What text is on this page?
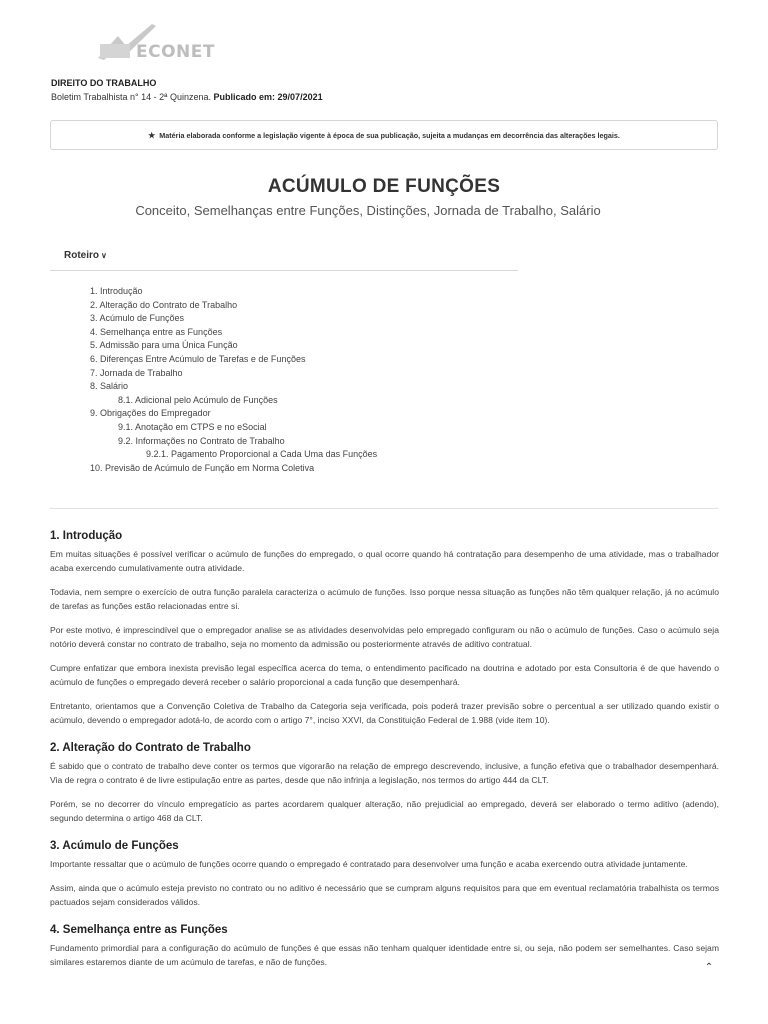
ECONET
DIREITO DO TRABALHO
Boletim Trabalhista n° 14 - 2ª Quinzena. Publicado em: 29/07/2021
★ Matéria elaborada conforme a legislação vigente à época de sua publicação, sujeita a mudanças em decorrência das alterações legais.
ACÚMULO DE FUNÇÕES
Conceito, Semelhanças entre Funções, Distinções, Jornada de Trabalho, Salário
Roteiro ∨
1. Introdução
2. Alteração do Contrato de Trabalho
3. Acúmulo de Funções
4. Semelhança entre as Funções
5. Admissão para uma Única Função
6. Diferenças Entre Acúmulo de Tarefas e de Funções
7. Jornada de Trabalho
8. Salário
8.1. Adicional pelo Acúmulo de Funções
9. Obrigações do Empregador
9.1. Anotação em CTPS e no eSocial
9.2. Informações no Contrato de Trabalho
9.2.1. Pagamento Proporcional a Cada Uma das Funções
10. Previsão de Acúmulo de Função em Norma Coletiva
1. Introdução

Em muitas situações é possível verificar o acúmulo de funções do empregado, o qual ocorre quando há contratação para desempenho de uma atividade, mas o trabalhador acaba exercendo cumulativamente outra atividade.

Todavia, nem sempre o exercício de outra função paralela caracteriza o acúmulo de funções. Isso porque nessa situação as funções não têm qualquer relação, já no acúmulo de tarefas as funções estão relacionadas entre si.

Por este motivo, é imprescindível que o empregador analise se as atividades desenvolvidas pelo empregado configuram ou não o acúmulo de funções. Caso o acúmulo seja notório deverá constar no contrato de trabalho, seja no momento da admissão ou posteriormente através de aditivo contratual.

Cumpre enfatizar que embora inexista previsão legal específica acerca do tema, o entendimento pacificado na doutrina e adotado por esta Consultoria é de que havendo o acúmulo de funções o empregado deverá receber o salário proporcional a cada função que desempenhará.

Entretanto, orientamos que a Convenção Coletiva de Trabalho da Categoria seja verificada, pois poderá trazer previsão sobre o percentual a ser utilizado quando existir o acúmulo, devendo o empregador adotá-lo, de acordo com o artigo 7°, inciso XXVI, da Constituição Federal de 1.988 (vide item 10).

2. Alteração do Contrato de Trabalho

É sabido que o contrato de trabalho deve conter os termos que vigorarão na relação de emprego descrevendo, inclusive, a função efetiva que o trabalhador desempenhará. Via de regra o contrato é de livre estipulação entre as partes, desde que não infrinja a legislação, nos termos do artigo 444 da CLT.

Porém, se no decorrer do vínculo empregatício as partes acordarem qualquer alteração, não prejudicial ao empregado, deverá ser elaborado o termo aditivo (adendo), segundo determina o artigo 468 da CLT.

3. Acúmulo de Funções

Importante ressaltar que o acúmulo de funções ocorre quando o empregado é contratado para desenvolver uma função e acaba exercendo outra atividade juntamente.

Assim, ainda que o acúmulo esteja previsto no contrato ou no aditivo é necessário que se cumpram alguns requisitos para que em eventual reclamatória trabalhista os termos pactuados sejam considerados válidos.

4. Semelhança entre as Funções

Fundamento primordial para a configuração do acúmulo de funções é que essas não tenham qualquer identidade entre si, ou seja, não podem ser semelhantes. Caso sejam similares estaremos diante de um acúmulo de tarefas, e não de funções.	⌃
